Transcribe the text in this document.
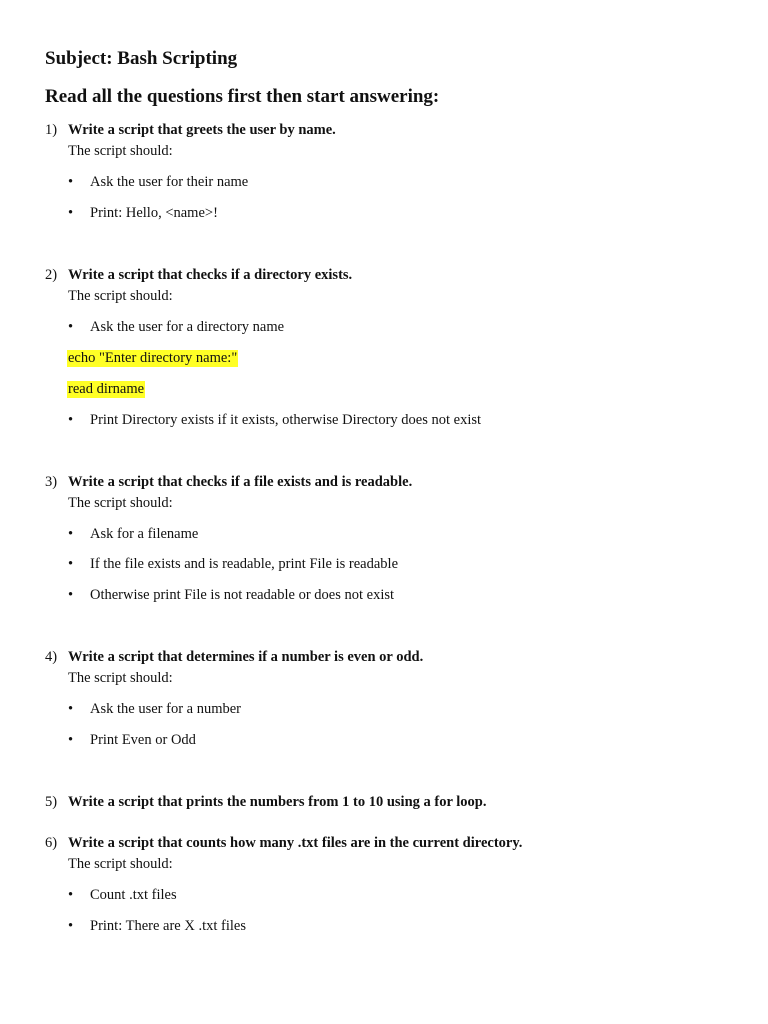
Subject: Bash Scripting
Read all the questions first then start answering:
1) Write a script that greets the user by name.
The script should:
• Ask the user for their name
• Print: Hello, <name>!
2) Write a script that checks if a directory exists.
The script should:
• Ask the user for a directory name
echo "Enter directory name:"
read dirname
• Print Directory exists if it exists, otherwise Directory does not exist
3) Write a script that checks if a file exists and is readable.
The script should:
• Ask for a filename
• If the file exists and is readable, print File is readable
• Otherwise print File is not readable or does not exist
4) Write a script that determines if a number is even or odd.
The script should:
• Ask the user for a number
• Print Even or Odd
5) Write a script that prints the numbers from 1 to 10 using a for loop.
6) Write a script that counts how many .txt files are in the current directory.
The script should:
• Count .txt files
• Print: There are X .txt files
